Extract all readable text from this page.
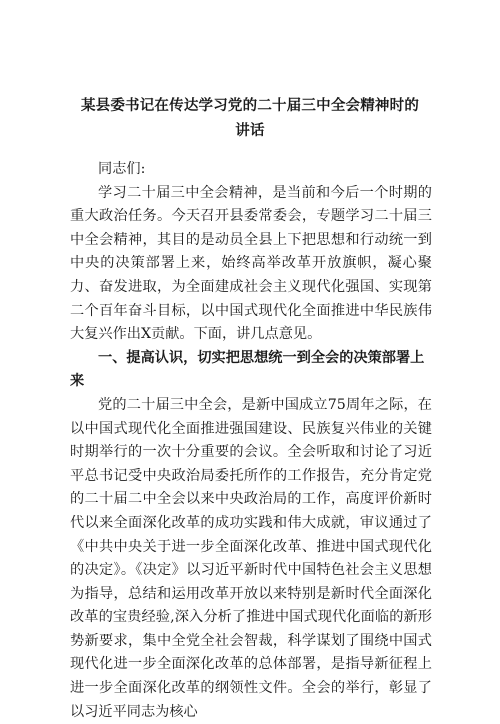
某县委书记在传达学习党的二十届三中全会精神时的
讲话

同志们:

学习二十届三中全会精神，是当前和今后一个时期的重大政治任务。今天召开县委常委会，专题学习二十届三中全会精神，其目的是动员全县上下把思想和行动统一到中央的决策部署上来，始终高举改革开放旗帜，凝心聚力、奋发进取，为全面建成社会主义现代化强国、实现第二个百年奋斗目标，以中国式现代化全面推进中华民族伟大复兴作出X贡献。下面，讲几点意见。

一、提高认识，切实把思想统一到全会的决策部署上来

党的二十届三中全会，是新中国成立75周年之际，在以中国式现代化全面推进强国建设、民族复兴伟业的关键时期举行的一次十分重要的会议。全会听取和讨论了习近平总书记受中央政治局委托所作的工作报告，充分肯定党的二十届二中全会以来中央政治局的工作，高度评价新时代以来全面深化改革的成功实践和伟大成就，审议通过了《中共中央关于进一步全面深化改革、推进中国式现代化的决定》。《决定》以习近平新时代中国特色社会主义思想为指导，总结和运用改革开放以来特别是新时代全面深化改革的宝贵经验,深入分析了推进中国式现代化面临的新形势新要求，集中全党全社会智裁，科学谋划了围绕中国式现代化进一步全面深化改革的总体部署，是指导新征程上进一步全面深化改革的纲领性文件。全会的举行，彰显了以习近平同志为核心
